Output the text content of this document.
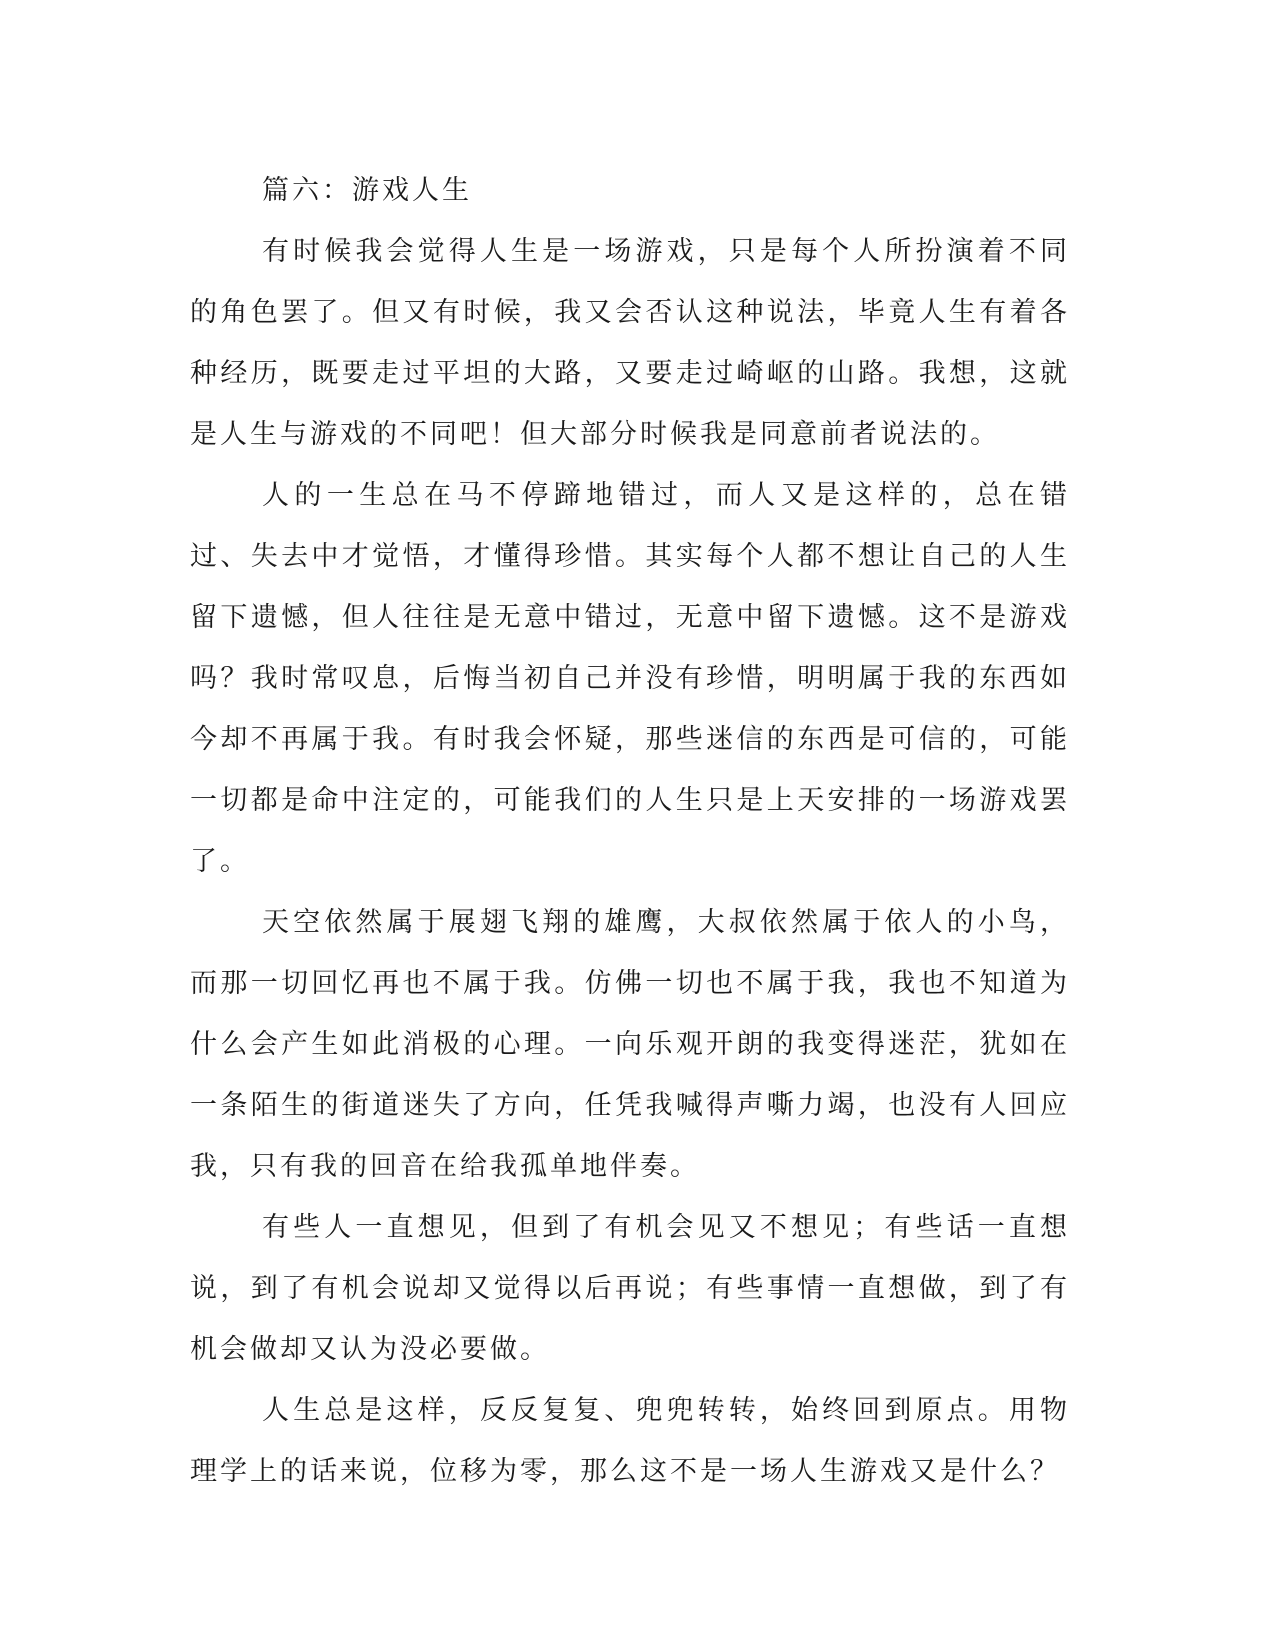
篇六：游戏人生

有时候我会觉得人生是一场游戏，只是每个人所扮演着不同的角色罢了。但又有时候，我又会否认这种说法，毕竟人生有着各种经历，既要走过平坦的大路，又要走过崎岖的山路。我想，这就是人生与游戏的不同吧！但大部分时候我是同意前者说法的。

人的一生总在马不停蹄地错过，而人又是这样的，总在错过、失去中才觉悟，才懂得珍惜。其实每个人都不想让自己的人生留下遗憾，但人往往是无意中错过，无意中留下遗憾。这不是游戏吗？我时常叹息，后悔当初自己并没有珍惜，明明属于我的东西如今却不再属于我。有时我会怀疑，那些迷信的东西是可信的，可能一切都是命中注定的，可能我们的人生只是上天安排的一场游戏罢了。

天空依然属于展翅飞翔的雄鹰，大叔依然属于依人的小鸟，而那一切回忆再也不属于我。仿佛一切也不属于我，我也不知道为什么会产生如此消极的心理。一向乐观开朗的我变得迷茫，犹如在一条陌生的街道迷失了方向，任凭我喊得声嘶力竭，也没有人回应我，只有我的回音在给我孤单地伴奏。

有些人一直想见，但到了有机会见又不想见；有些话一直想说，到了有机会说却又觉得以后再说；有些事情一直想做，到了有机会做却又认为没必要做。

人生总是这样，反反复复、兜兜转转，始终回到原点。用物理学上的话来说，位移为零，那么这不是一场人生游戏又是什么？
